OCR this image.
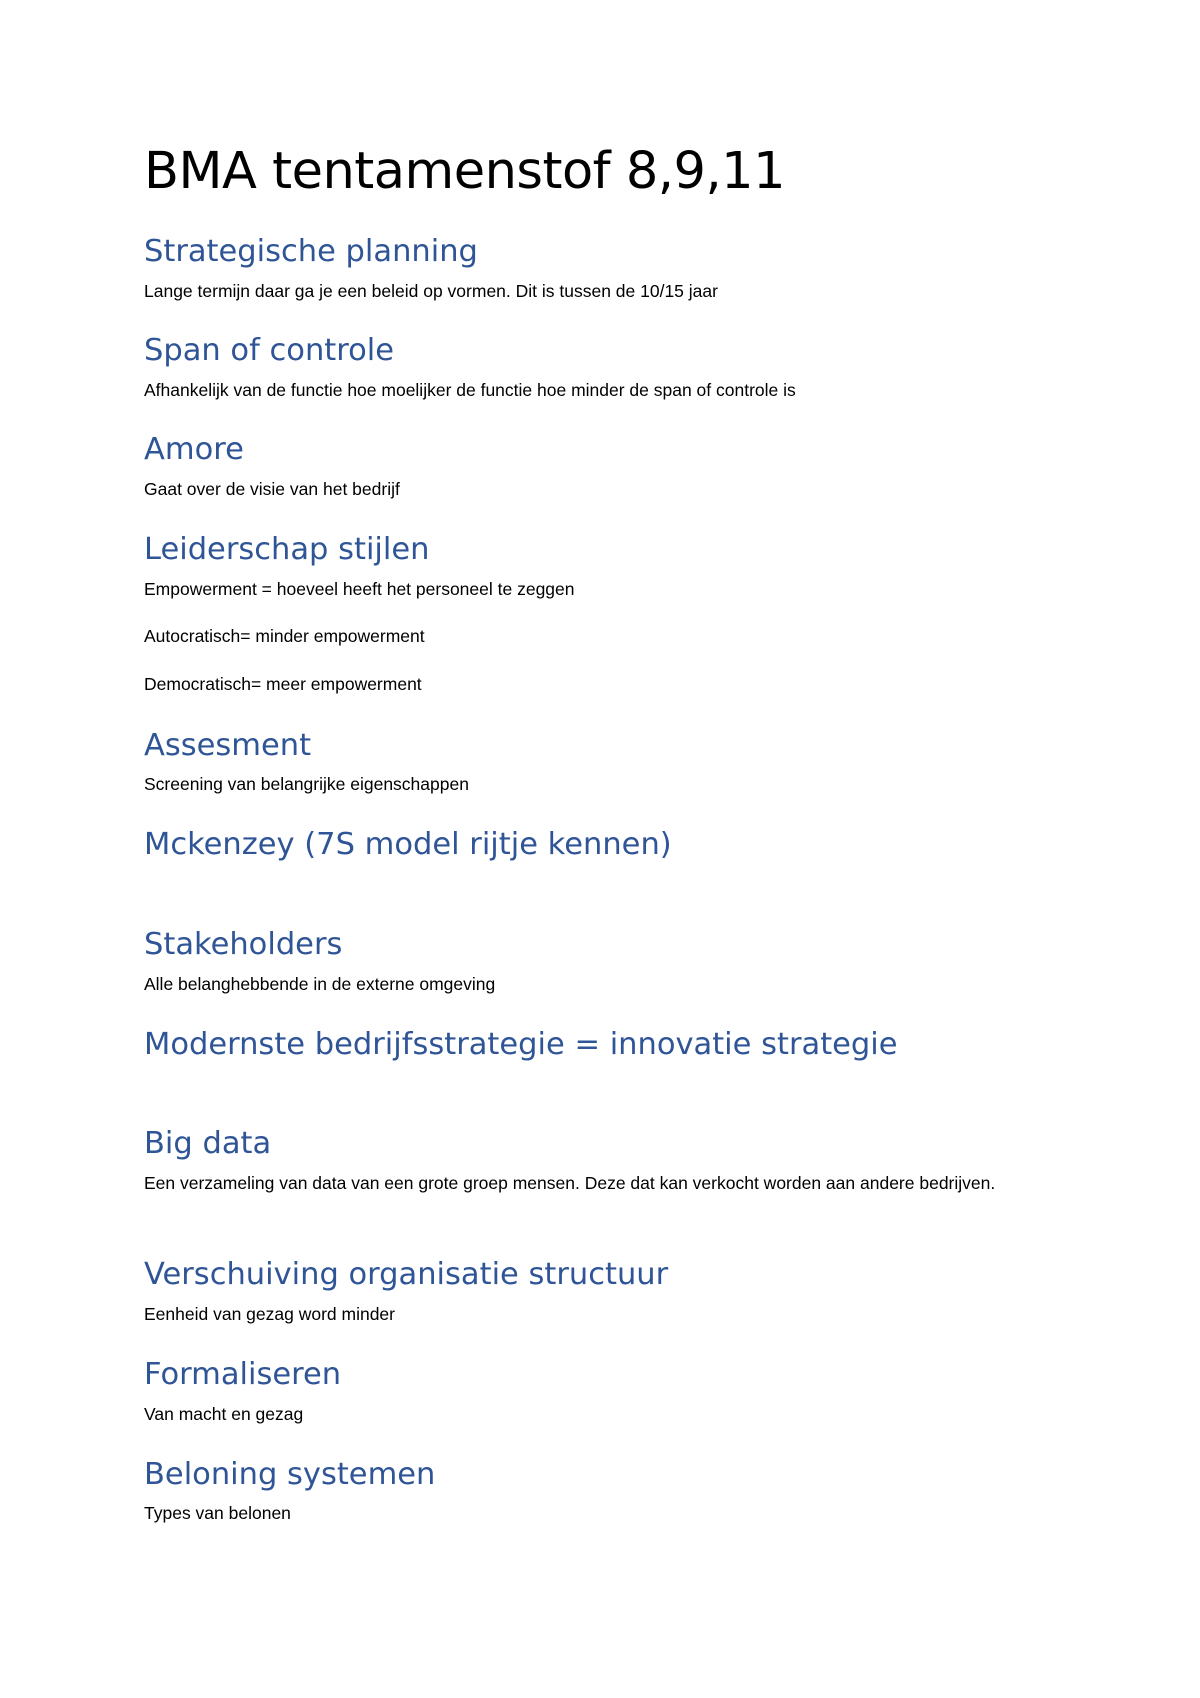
BMA tentamenstof 8,9,11
Strategische planning

Lange termijn daar ga je een beleid op vormen. Dit is tussen de 10/15 jaar

Span of controle

Afhankelijk van de functie hoe moelijker de functie hoe minder de span of controle is

Amore

Gaat over de visie van het bedrijf

Leiderschap stijlen

Empowerment = hoeveel heeft het personeel te zeggen

Autocratisch= minder empowerment

Democratisch= meer empowerment

Assesment

Screening van belangrijke eigenschappen

Mckenzey (7S model rijtje kennen)
Stakeholders

Alle belanghebbende in de externe omgeving

Modernste bedrijfsstrategie = innovatie strategie
Big data

Een verzameling van data van een grote groep mensen. Deze dat kan verkocht worden aan andere bedrijven.

Verschuiving organisatie structuur

Eenheid van gezag word minder

Formaliseren

Van macht en gezag

Beloning systemen

Types van belonen
